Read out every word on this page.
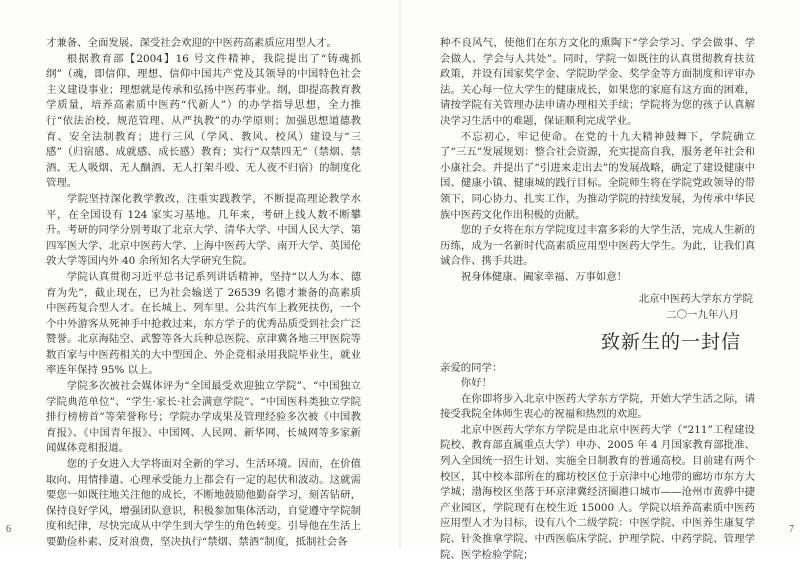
才兼备、全面发展、深受社会欢迎的中医药高素质应用型人才。

根据教育部【2004】16 号文件精神，我院提出了“铸魂抓纲”（魂，即信仰、理想、信仰中国共产党及其领导的中国特色社会主义建设事业；理想就是传承和弘扬中医药事业。纲，即提高教育教学质量，培养高素质中医药“代新人”）的办学指导思想，全力推行“依法治校、规范管理、从严执教”的办学原则；加强思想道德教育、安全法制教育；进行三风（学风、教风、校风）建设与“三感”（归宿感、成就感、成长感）教育；实行“双禁四无”（禁烟、禁酒、无人吸烟、无人酗酒、无人打架斗殴、无人夜不归宿）的制度化管理。

学院坚持深化教学教改，注重实践教学，不断提高理论教学水平，在全国设有 124 家实习基地。几年来，考研上线人数不断攀升。考研的同学分别考取了北京大学、清华大学、中国人民大学、第四军医大学、北京中医药大学、上海中医药大学、南开大学、英国伦敦大学等国内外 40 余所知名大学研究生院。

学院认真贯彻习近平总书记系列讲话精神，坚持“以人为本、德育为先”，截止现在，已为社会输送了 26539 名德才兼备的高素质中医药复合型人才。在长城上、列车里、公共汽车上救死扶伤，一个个中外游客从死神手中抢救过来，东方学子的优秀品质受到社会广泛赞誉。北京海陆空、武警等各大兵种总医院、京津冀各地三甲医院等数百家与中医药相关的大中型国企、外企竞相录用我院毕业生，就业率连年保持 95% 以上。

学院多次被社会媒体评为“全国最受欢迎独立学院”、“中国独立学院典范单位”、“学生·家长·社会满意学院”、“中国医科类独立学院排行榜榜首”等荣誉称号；学院办学成果及管理经验多次被《中国教育报》、《中国青年报》、中国网、人民网、新华网、长城网等多家新闻媒体竞相报道。

您的子女进入大学将面对全新的学习、生活环境。因而，在价值取向、用情排遣、心理承受能力上都会有一定的起伏和波动。这就需要您一如既往地关注他的成长，不断地鼓励他勤奋学习，刻苦钻研，保持良好学风，增强团队意识，积极参加集体活动，自觉遵守学院制度和纪律，尽快完成从中学生到大学生的角色转变。引导他在生活上要勤俭朴素、反对浪费，坚决执行“禁烟、禁酒”制度，抵制社会各

6

种不良风气，使他们在东方文化的熏陶下“学会学习、学会做事、学会做人、学会与人共处”。同时，学院一如既往的认真贯彻教育扶贫政策，并设有国家奖学金、学院助学金、奖学金等方面制度和评审办法。关心每一位大学生的健康成长，如果您的家庭有这方面的困难，请按学院有关管理办法申请办理相关手续；学院将为您的孩子认真解决学习生活中的难题，保证顺利完成学业。

不忘初心，牢记使命。在党的十九大精神鼓舞下，学院确立了“三五”发展规划：整合社会资源，充实提高自我，服务老年社会和小康社会。并提出了“引进来走出去”的发展战略，确定了建设健康中国、健康小镇、健康城的践行目标。全院师生将在学院党政领导的带领下，同心协力、扎实工作，为推动学院的持续发展，为传承中华民族中医药文化作出积极的贡献。

您的子女将在东方学院度过丰富多彩的大学生活，完成人生新的历练，成为一名新时代高素质应用型中医药大学生。为此，让我们真诚合作、携手共进。

祝身体健康、阖家幸福、万事如意！

北京中医药大学东方学院
二〇一九年八月
致新生的一封信

亲爱的同学：

你好！

在你即将步入北京中医药大学东方学院，开始大学生活之际，请接受我院全体师生衷心的祝福和热烈的欢迎。

北京中医药大学东方学院是由北京中医药大学（“211”工程建设院校、教育部直属重点大学）申办、2005 年 4 月国家教育部批准、列入全国统一招生计划、实施全日制教育的普通高校。目前建有两个校区，其中校本部所在的廊坊校区位于京津中心地带的廊坊市东方大学城；渤海校区坐落于环京津冀经济圈港口城市——沧州市黄骅中捷产业园区，学院现有在校生近 15000 人。学院以培养高素质中医药应用型人才为目标，设有八个二级学院：中医学院、中医养生康复学院、针灸推拿学院、中西医临床学院、护理学院、中药学院、管理学院、医学检验学院；

7
